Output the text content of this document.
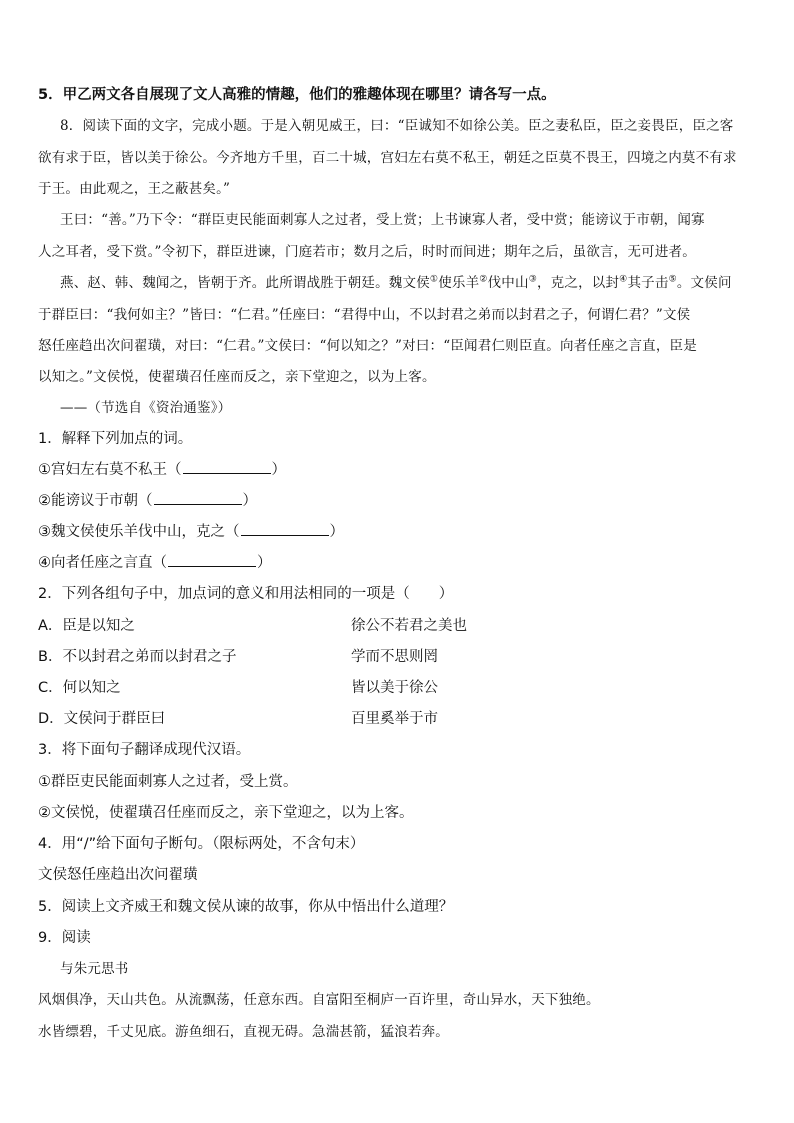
5．甲乙两文各自展现了文人高雅的情趣，他们的雅趣体现在哪里？请各写一点。
8．阅读下面的文字，完成小题。于是入朝见威王，曰：“臣诚知不如徐公美。臣之妻私臣，臣之妾畏臣，臣之客
欲有求于臣，皆以美于徐公。今齐地方千里，百二十城，宫妇左右莫不私王，朝廷之臣莫不畏王，四境之内莫不有求
于王。由此观之，王之蔽甚矣。”
王曰：“善。”乃下令：“群臣吏民能面刺寡人之过者，受上赏；上书谏寡人者，受中赏；能谤议于市朝，闻寡
人之耳者，受下赏。”令初下，群臣进谏，门庭若市；数月之后，时时而间进；期年之后，虽欲言，无可进者。
燕、赵、韩、魏闻之，皆朝于齐。此所谓战胜于朝廷。魏文侯①使乐羊②伐中山③，克之，以封④其子击⑤。文侯问
于群臣曰：“我何如主？”皆曰：“仁君。”任座曰：“君得中山，不以封君之弟而以封君之子，何谓仁君？”文侯
怒任座趋出次问翟璜，对曰：“仁君。”文侯曰：“何以知之？”对曰：“臣闻君仁则臣直。向者任座之言直，臣是
以知之。”文侯悦，使翟璜召任座而反之，亲下堂迎之，以为上客。
——（节选自《资治通鉴》）
1．解释下列加点的词。
①宫妇左右莫不私王（	）
②能谤议于市朝（	）
③魏文侯使乐羊伐中山，克之（	）
④向者任座之言直（	）
2．下列各组句子中，加点词的意义和用法相同的一项是（　　）
A．臣是以知之	徐公不若君之美也
B．不以封君之弟而以封君之子	学而不思则罔
C．何以知之	皆以美于徐公
D．文侯问于群臣曰	百里奚举于市
3．将下面句子翻译成现代汉语。
①群臣吏民能面刺寡人之过者，受上赏。
②文侯悦，使翟璜召任座而反之，亲下堂迎之，以为上客。
4．用“/”给下面句子断句。（限标两处，不含句末）
文侯怒任座趋出次问翟璜
5．阅读上文齐威王和魏文侯从谏的故事，你从中悟出什么道理？
9．阅读
与朱元思书
风烟俱净，天山共色。从流飘荡，任意东西。自富阳至桐庐一百许里，奇山异水，天下独绝。
水皆缥碧，千丈见底。游鱼细石，直视无碍。急湍甚箭，猛浪若奔。
